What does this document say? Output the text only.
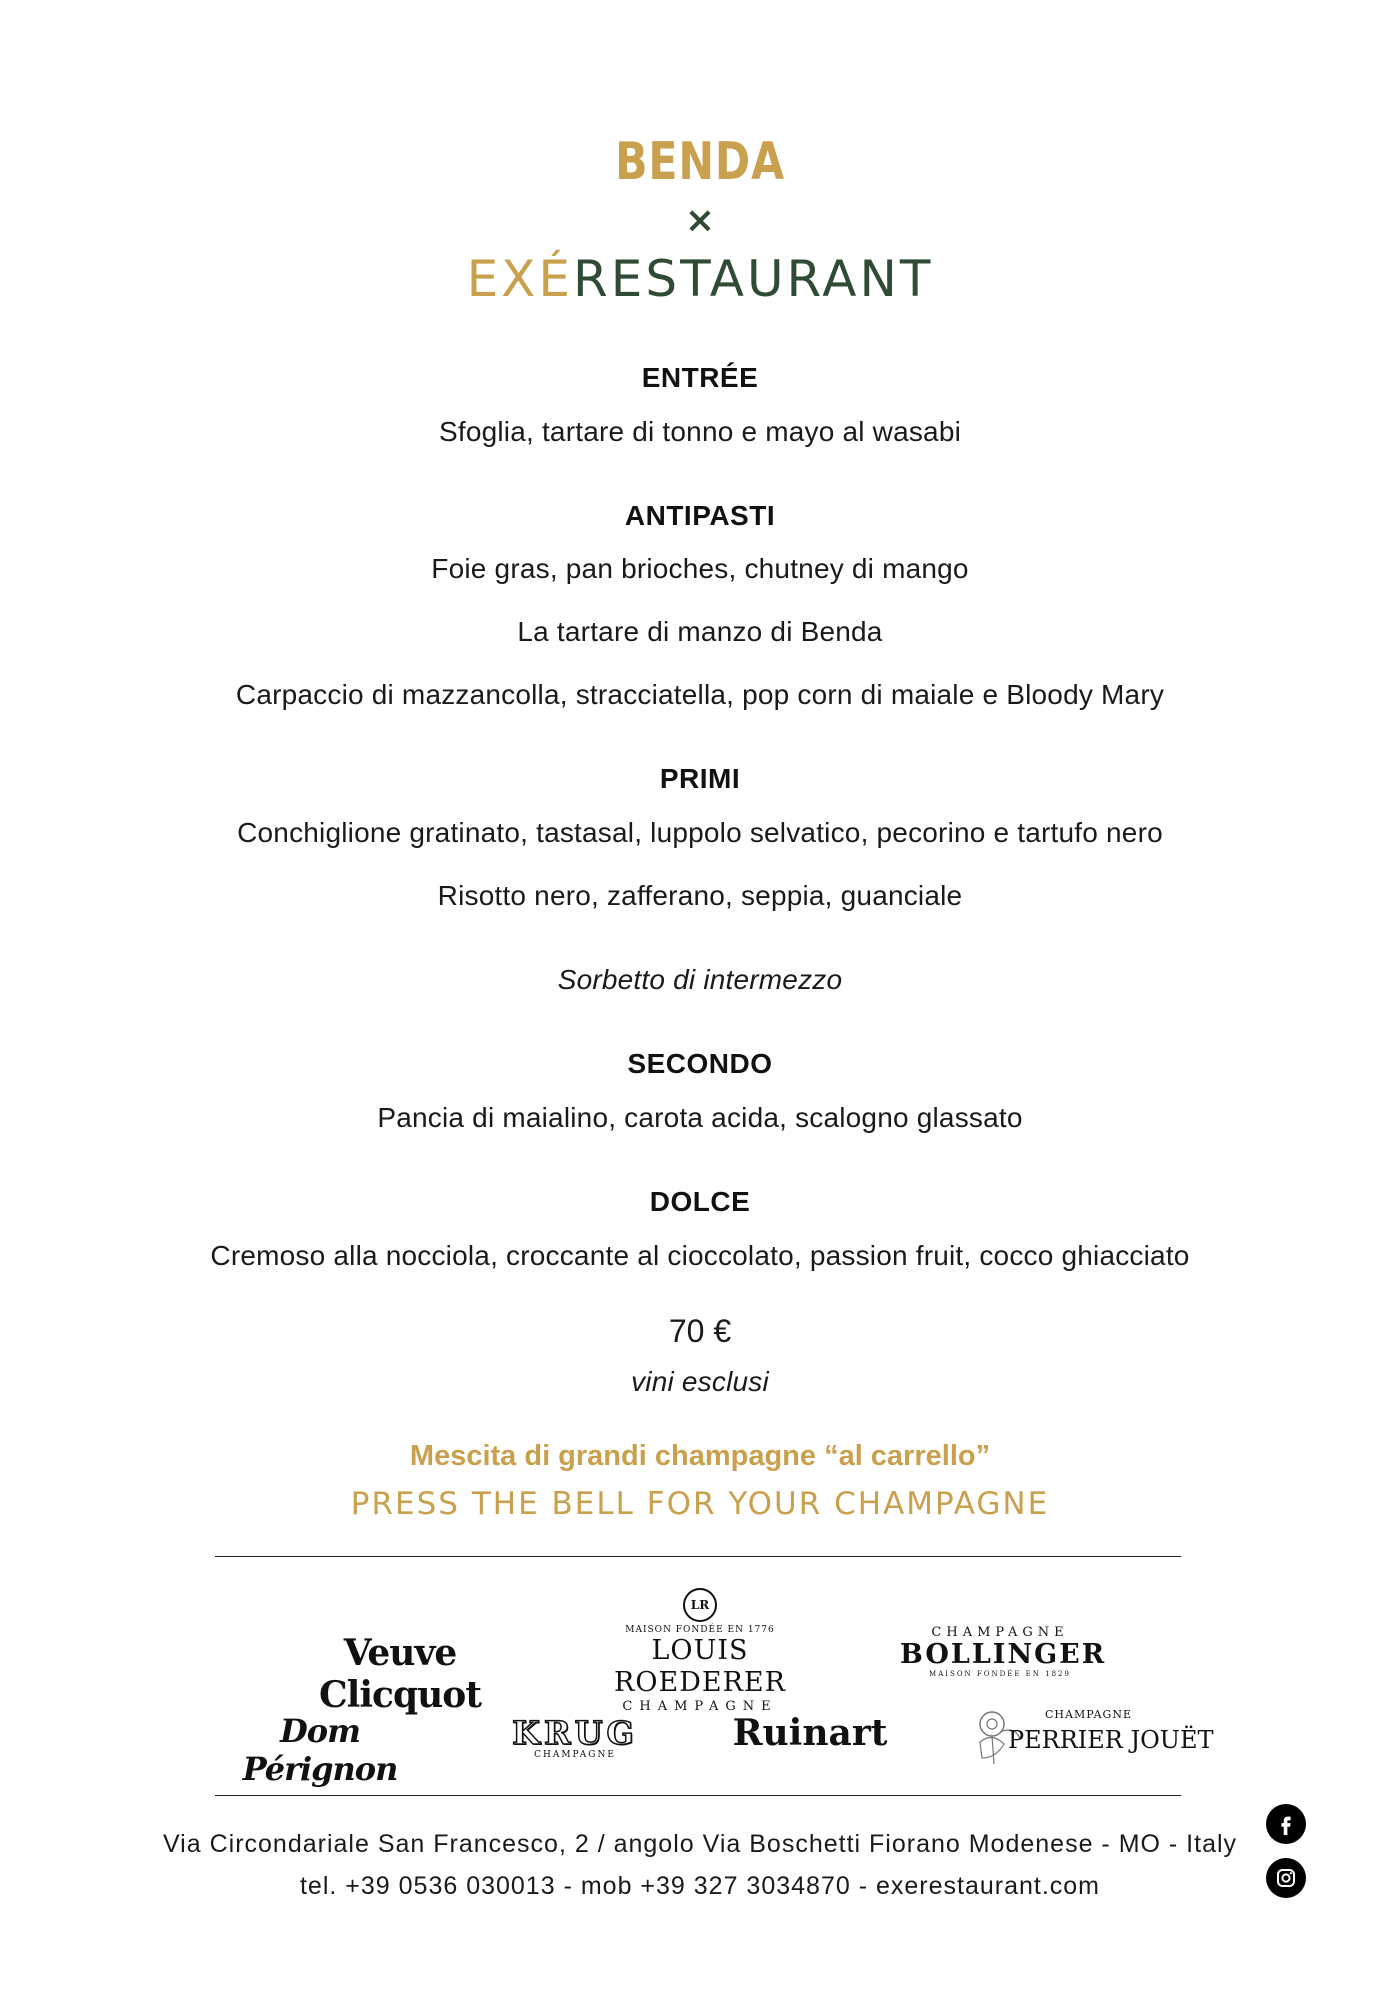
BENDA
×
EXÉRESTAURANT
ENTRÉE
Sfoglia, tartare di tonno e mayo al wasabi
ANTIPASTI
Foie gras, pan brioches, chutney di mango
La tartare di manzo di Benda
Carpaccio di mazzancolla, stracciatella, pop corn di maiale e Bloody Mary
PRIMI
Conchiglione gratinato, tastasal, luppolo selvatico, pecorino e tartufo nero
Risotto nero, zafferano, seppia, guanciale
Sorbetto di intermezzo
SECONDO
Pancia di maialino, carota acida, scalogno glassato
DOLCE
Cremoso alla nocciola, croccante al cioccolato, passion fruit, cocco ghiacciato
70 €
vini esclusi
Mescita di grandi champagne “al carrello”
PRESS THE BELL FOR YOUR CHAMPAGNE
Veuve Clicquot
LR
MAISON FONDÉE EN 1776
LOUIS ROEDERER
CHAMPAGNE
CHAMPAGNE
BOLLINGER
MAISON FONDÉE EN 1829
Dom Pérignon
KRUG
CHAMPAGNE
Ruinart	CHAMPAGNE
PERRIER JOUËT
Via Circondariale San Francesco, 2 / angolo Via Boschetti Fiorano Modenese - MO - Italy
tel. +39 0536 030013 - mob +39 327 3034870 - exerestaurant.com
